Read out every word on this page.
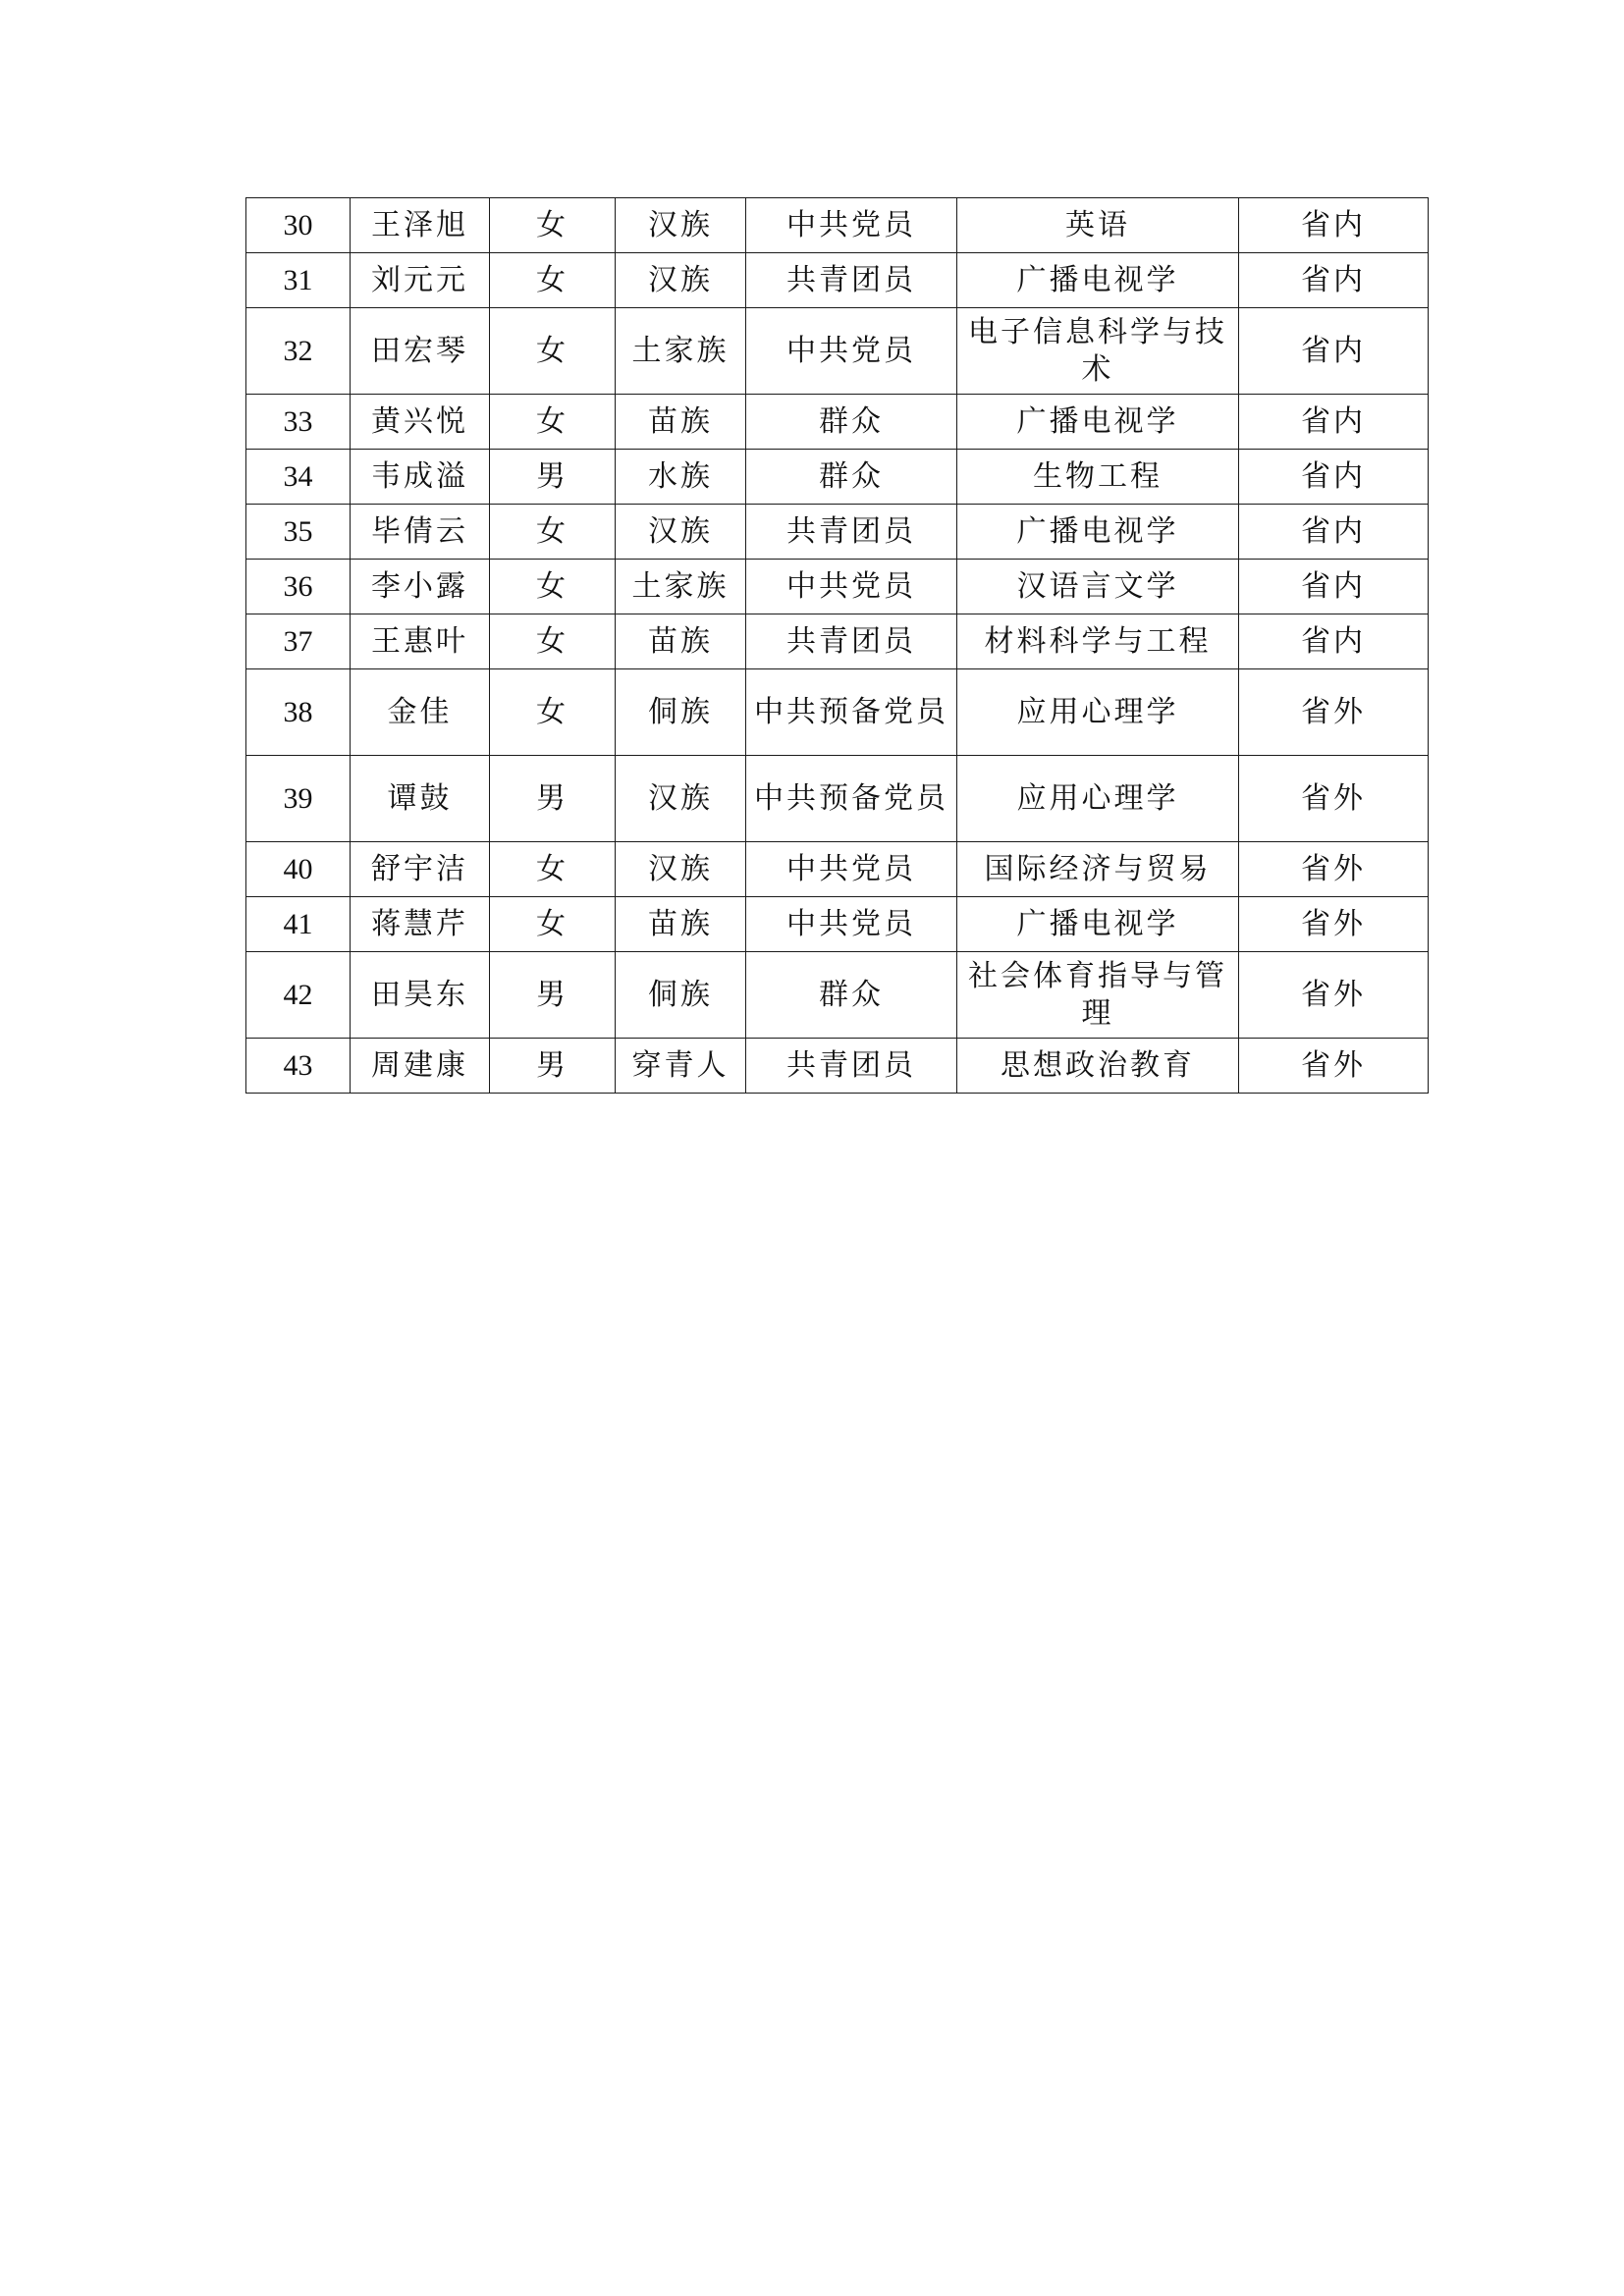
30	王泽旭	女	汉族	中共党员	英语	省内
31	刘元元	女	汉族	共青团员	广播电视学	省内
32	田宏琴	女	土家族	中共党员	电子信息科学与技术	省内
33	黄兴悦	女	苗族	群众	广播电视学	省内
34	韦成溢	男	水族	群众	生物工程	省内
35	毕倩云	女	汉族	共青团员	广播电视学	省内
36	李小露	女	土家族	中共党员	汉语言文学	省内
37	王惠叶	女	苗族	共青团员	材料科学与工程	省内
38	金佳	女	侗族	中共预备党员	应用心理学	省外
39	谭鼓	男	汉族	中共预备党员	应用心理学	省外
40	舒宇洁	女	汉族	中共党员	国际经济与贸易	省外
41	蒋慧芹	女	苗族	中共党员	广播电视学	省外
42	田昊东	男	侗族	群众	社会体育指导与管理	省外
43	周建康	男	穿青人	共青团员	思想政治教育	省外
